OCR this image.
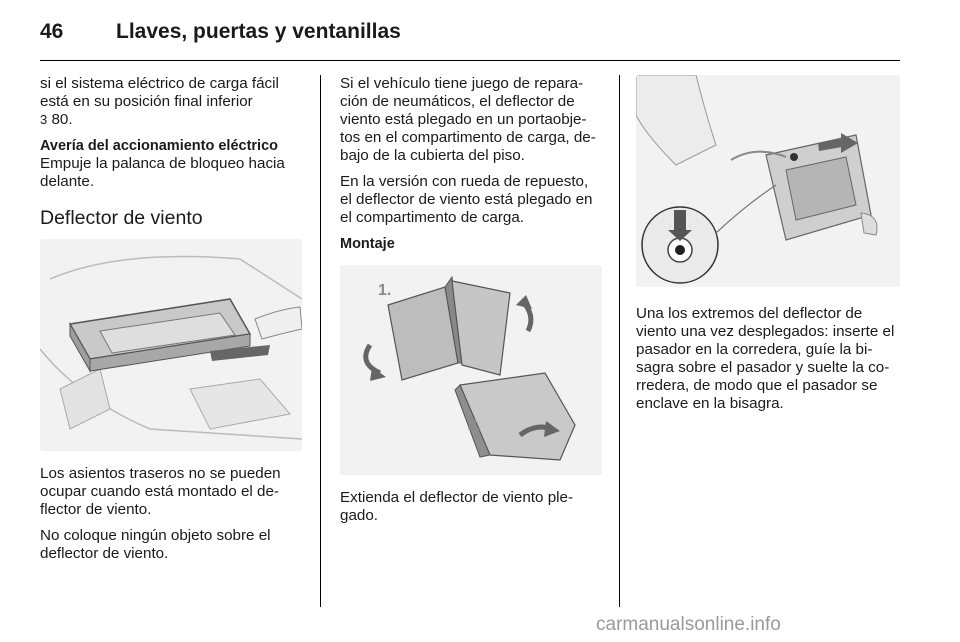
46	Llaves, puertas y ventanillas

si el sistema eléctrico de carga fácil está en su posición final inferior
3 80.

Avería del accionamiento eléctrico
Empuje la palanca de bloqueo hacia delante.

Deflector de viento

Los asientos traseros no se pueden ocupar cuando está montado el de-flector de viento.

No coloque ningún objeto sobre el deflector de viento.

Si el vehículo tiene juego de repara-ción de neumáticos, el deflector de viento está plegado en un portaobje-tos en el compartimento de carga, de-bajo de la cubierta del piso.

En la versión con rueda de repuesto, el deflector de viento está plegado en el compartimento de carga.

Montaje
1.
2.

Extienda el deflector de viento ple-gado.

Una los extremos del deflector de viento una vez desplegados: inserte el pasador en la corredera, guíe la bi-sagra sobre el pasador y suelte la co-rredera, de modo que el pasador se enclave en la bisagra.

carmanualsonline.info
